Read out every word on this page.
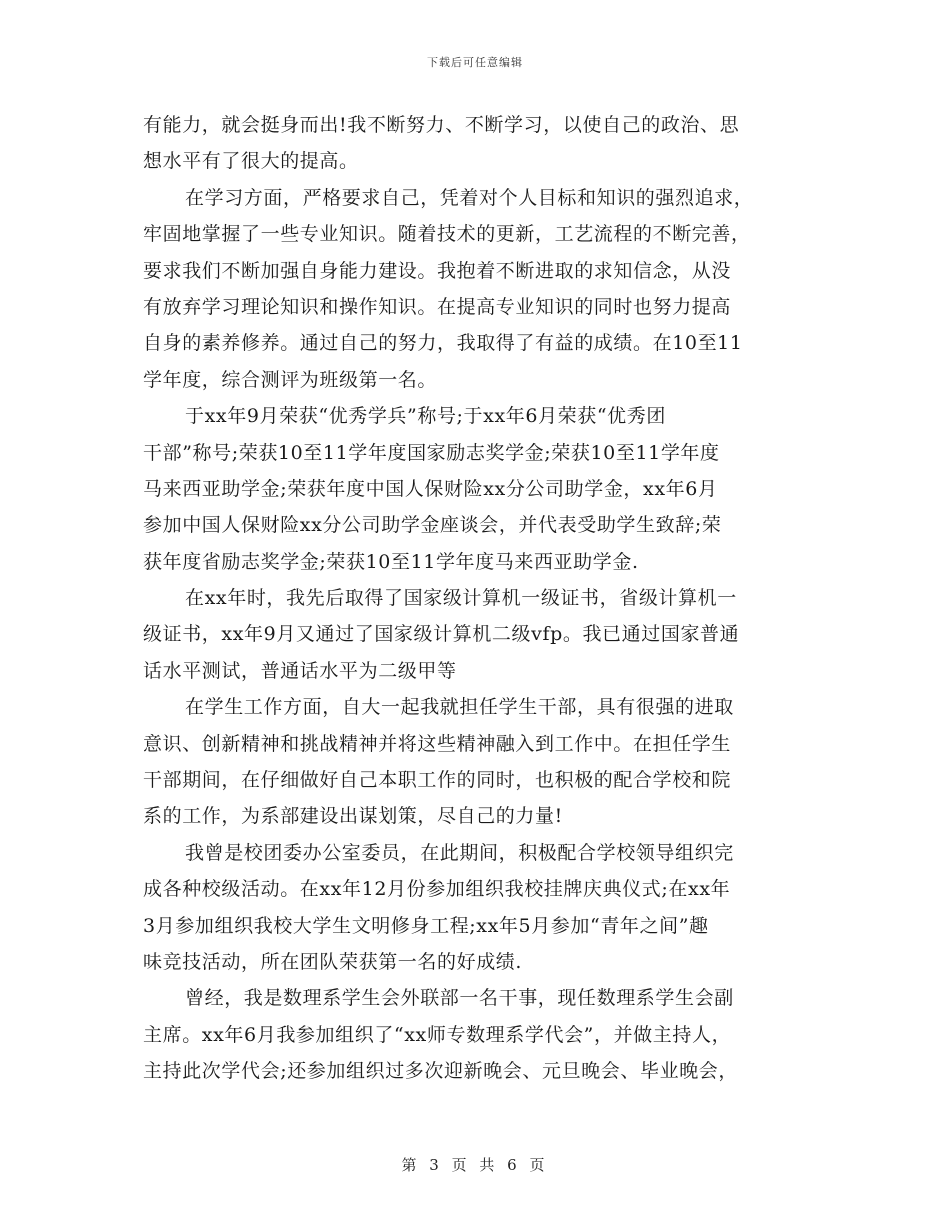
下载后可任意编辑
有能力，就会挺身而出!我不断努力、不断学习，以使自己的政治、思
想水平有了很大的提高。
在学习方面，严格要求自己，凭着对个人目标和知识的强烈追求，
牢固地掌握了一些专业知识。随着技术的更新，工艺流程的不断完善，
要求我们不断加强自身能力建设。我抱着不断进取的求知信念，从没
有放弃学习理论知识和操作知识。在提高专业知识的同时也努力提高
自身的素养修养。通过自己的努力，我取得了有益的成绩。在10至11
学年度，综合测评为班级第一名。
于xx年9月荣获“优秀学兵”称号;于xx年6月荣获“优秀团
干部”称号;荣获10至11学年度国家励志奖学金;荣获10至11学年度
马来西亚助学金;荣获年度中国人保财险xx分公司助学金，xx年6月
参加中国人保财险xx分公司助学金座谈会，并代表受助学生致辞;荣
获年度省励志奖学金;荣获10至11学年度马来西亚助学金.
在xx年时，我先后取得了国家级计算机一级证书，省级计算机一
级证书，xx年9月又通过了国家级计算机二级vfp。我已通过国家普通
话水平测试，普通话水平为二级甲等
在学生工作方面，自大一起我就担任学生干部，具有很强的进取
意识、创新精神和挑战精神并将这些精神融入到工作中。在担任学生
干部期间，在仔细做好自己本职工作的同时，也积极的配合学校和院
系的工作，为系部建设出谋划策，尽自己的力量!
我曾是校团委办公室委员，在此期间，积极配合学校领导组织完
成各种校级活动。在xx年12月份参加组织我校挂牌庆典仪式;在xx年
3月参加组织我校大学生文明修身工程;xx年5月参加“青年之间”趣
味竞技活动，所在团队荣获第一名的好成绩.
曾经，我是数理系学生会外联部一名干事，现任数理系学生会副
主席。xx年6月我参加组织了“xx师专数理系学代会”，并做主持人，
主持此次学代会;还参加组织过多次迎新晚会、元旦晚会、毕业晚会，
第 3 页 共 6 页
